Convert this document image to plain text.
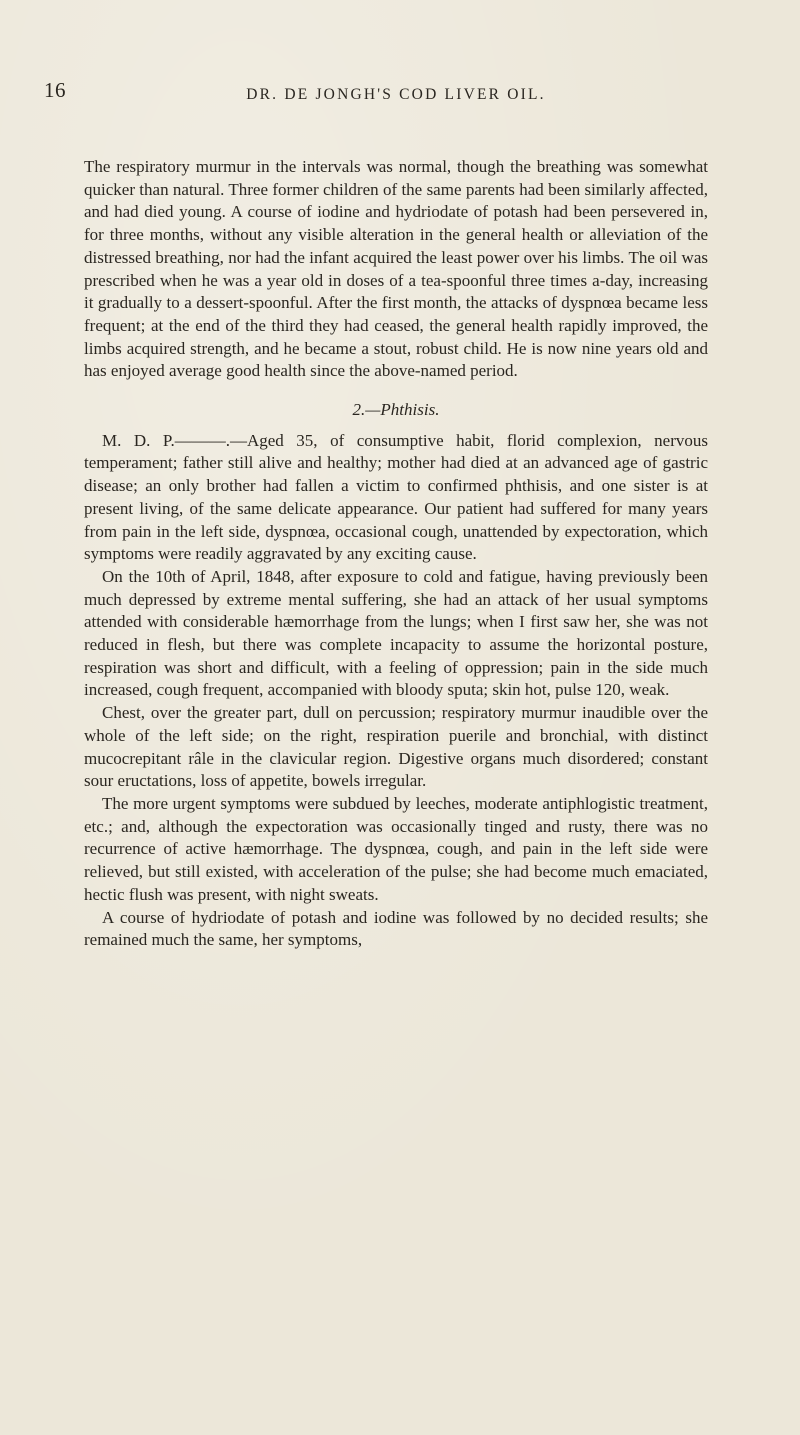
16	DR. DE JONGH'S COD LIVER OIL.

The respiratory murmur in the intervals was normal, though the breathing was somewhat quicker than natural. Three former children of the same parents had been similarly affected, and had died young. A course of iodine and hydriodate of potash had been persevered in, for three months, without any visible alteration in the general health or alleviation of the distressed breathing, nor had the infant acquired the least power over his limbs. The oil was prescribed when he was a year old in doses of a tea-spoonful three times a-day, increasing it gradually to a dessert-spoonful. After the first month, the attacks of dyspnœa became less frequent; at the end of the third they had ceased, the general health rapidly improved, the limbs acquired strength, and he became a stout, robust child. He is now nine years old and has enjoyed average good health since the above-named period.

2.—Phthisis.

M. D. P.———.—Aged 35, of consumptive habit, florid complexion, nervous temperament; father still alive and healthy; mother had died at an advanced age of gastric disease; an only brother had fallen a victim to confirmed phthisis, and one sister is at present living, of the same delicate appearance. Our patient had suffered for many years from pain in the left side, dyspnœa, occasional cough, unattended by expectoration, which symptoms were readily aggravated by any exciting cause.

On the 10th of April, 1848, after exposure to cold and fatigue, having previously been much depressed by extreme mental suffering, she had an attack of her usual symptoms attended with considerable hæmorrhage from the lungs; when I first saw her, she was not reduced in flesh, but there was complete incapacity to assume the horizontal posture, respiration was short and difficult, with a feeling of oppression; pain in the side much increased, cough frequent, accompanied with bloody sputa; skin hot, pulse 120, weak.

Chest, over the greater part, dull on percussion; respiratory murmur inaudible over the whole of the left side; on the right, respiration puerile and bronchial, with distinct mucocrepitant râle in the clavicular region. Digestive organs much disordered; constant sour eructations, loss of appetite, bowels irregular.

The more urgent symptoms were subdued by leeches, moderate antiphlogistic treatment, etc.; and, although the expectoration was occasionally tinged and rusty, there was no recurrence of active hæmorrhage. The dyspnœa, cough, and pain in the left side were relieved, but still existed, with acceleration of the pulse; she had become much emaciated, hectic flush was present, with night sweats.

A course of hydriodate of potash and iodine was followed by no decided results; she remained much the same, her symptoms,
